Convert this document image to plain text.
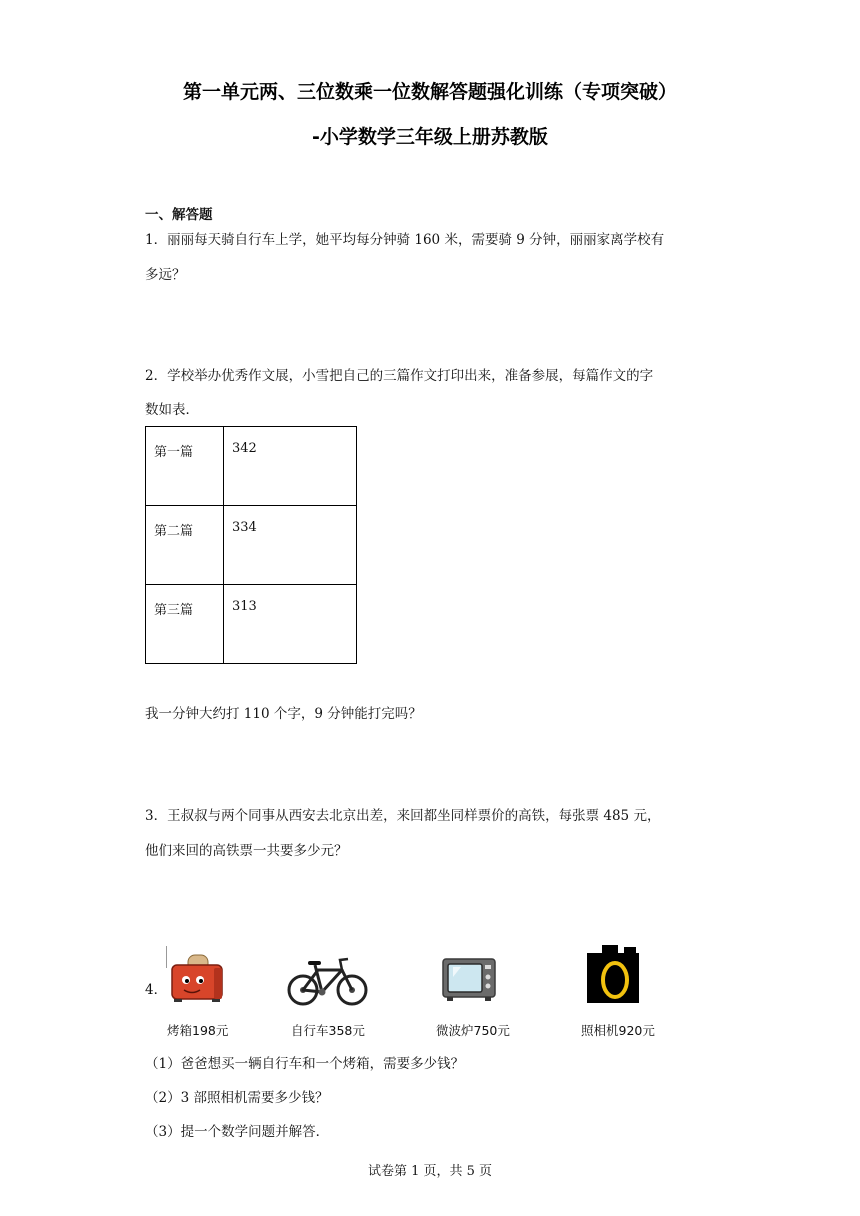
第一单元两、三位数乘一位数解答题强化训练（专项突破）
-小学数学三年级上册苏教版
一、解答题
1．丽丽每天骑自行车上学，她平均每分钟骑 160 米，需要骑 9 分钟，丽丽家离学校有
多远？
2．学校举办优秀作文展，小雪把自己的三篇作文打印出来，准备参展，每篇作文的字
数如表．
第一篇	342
第二篇	334
第三篇	313
我一分钟大约打 110 个字，9 分钟能打完吗？
3．王叔叔与两个同事从西安去北京出差，来回都坐同样票价的高铁，每张票 485 元，
他们来回的高铁票一共要多少元？
4．
烤箱198元	自行车358元	微波炉750元	照相机920元
（1）爸爸想买一辆自行车和一个烤箱，需要多少钱？
（2）3 部照相机需要多少钱？
（3）提一个数学问题并解答．
试卷第 1 页，共 5 页
